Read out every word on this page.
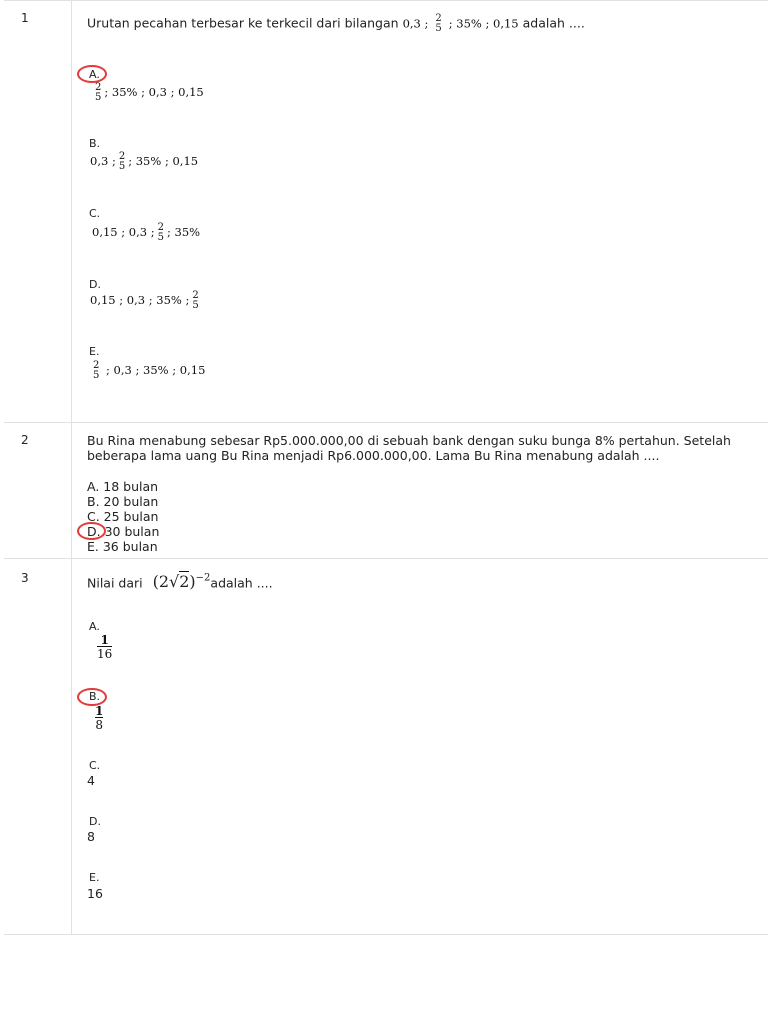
1	Urutan pecahan terbesar ke terkecil dari bilangan 0,3 ; 2
5 ; 35% ; 0,15 adalah ....
A.
2
5 ; 35% ; 0,3 ; 0,15
B.
0,3 ; 2
5 ; 35% ; 0,15
C.
0,15 ; 0,3 ; 2
5 ; 35%
D.
0,15 ; 0,3 ; 35% ; 2
5
E.
2
5 ; 0,3 ; 35% ; 0,15
2	Bu Rina menabung sebesar Rp5.000.000,00 di sebuah bank dengan suku bunga 8% pertahun. Setelah beberapa lama uang Bu Rina menjadi Rp6.000.000,00. Lama Bu Rina menabung adalah ....
A. 18 bulan
B. 20 bulan
C. 25 bulan
D. 30 bulan
E. 36 bulan
3	Nilai dari $(2√2)^{-2}adalah$ ....
A.
$\frac{1}{16}$
B.
$\frac{1}{8}$
C.
4
D.
8
E.
16
